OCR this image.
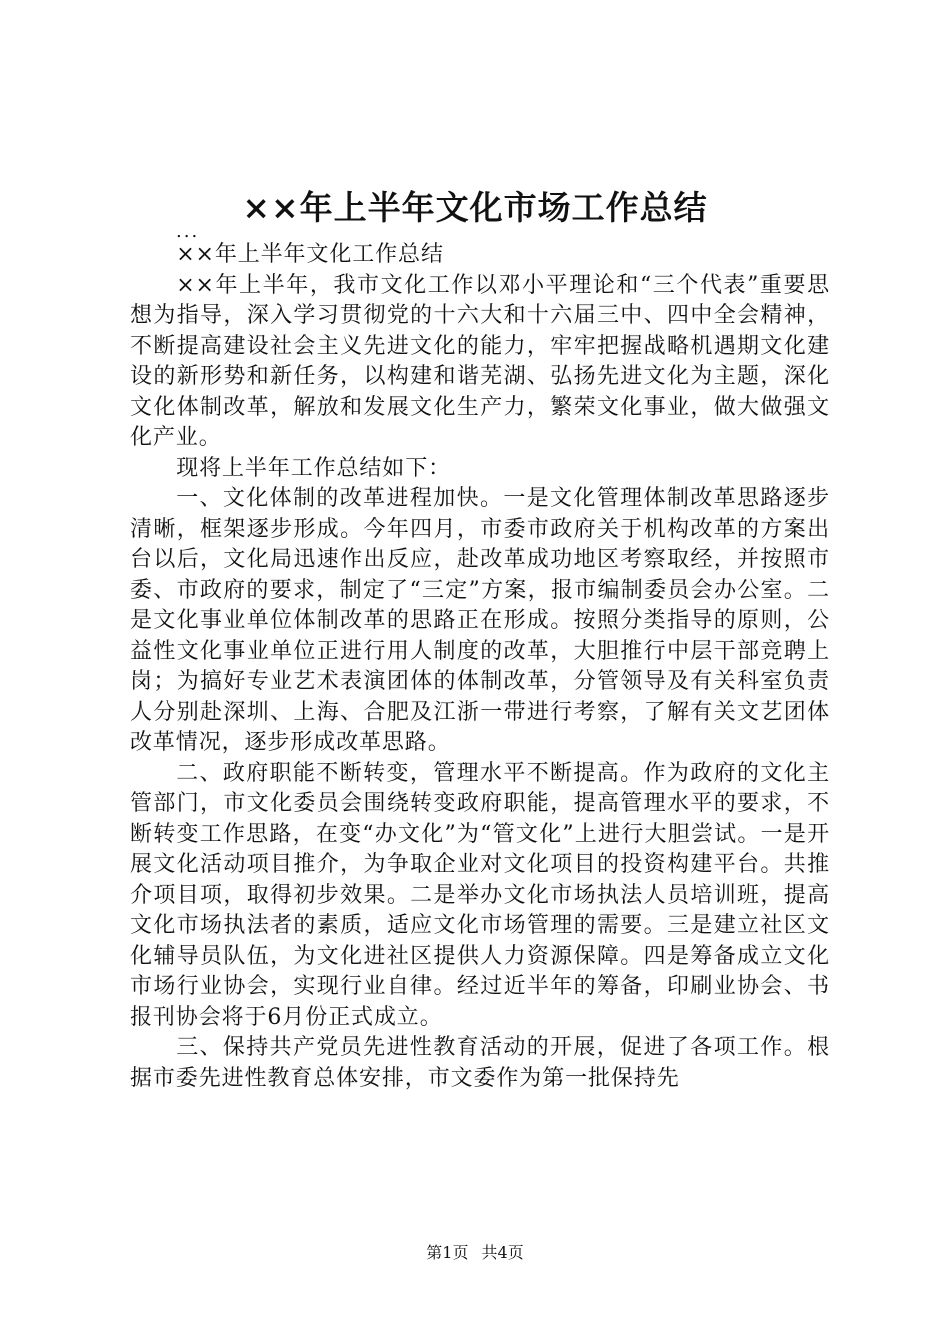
××年上半年文化市场工作总结
...

××年上半年文化工作总结

××年上半年，我市文化工作以邓小平理论和“三个代表”重要思想为指导，深入学习贯彻党的十六大和十六届三中、四中全会精神，不断提高建设社会主义先进文化的能力，牢牢把握战略机遇期文化建设的新形势和新任务，以构建和谐芜湖、弘扬先进文化为主题，深化文化体制改革，解放和发展文化生产力，繁荣文化事业，做大做强文化产业。

现将上半年工作总结如下：

一、文化体制的改革进程加快。一是文化管理体制改革思路逐步清晰，框架逐步形成。今年四月，市委市政府关于机构改革的方案出台以后，文化局迅速作出反应，赴改革成功地区考察取经，并按照市委、市政府的要求，制定了“三定”方案，报市编制委员会办公室。二是文化事业单位体制改革的思路正在形成。按照分类指导的原则，公益性文化事业单位正进行用人制度的改革，大胆推行中层干部竞聘上岗；为搞好专业艺术表演团体的体制改革，分管领导及有关科室负责人分别赴深圳、上海、合肥及江浙一带进行考察，了解有关文艺团体改革情况，逐步形成改革思路。

二、政府职能不断转变，管理水平不断提高。作为政府的文化主管部门，市文化委员会围绕转变政府职能，提高管理水平的要求，不断转变工作思路，在变“办文化”为“管文化”上进行大胆尝试。一是开展文化活动项目推介，为争取企业对文化项目的投资构建平台。共推介项目项，取得初步效果。二是举办文化市场执法人员培训班，提高文化市场执法者的素质，适应文化市场管理的需要。三是建立社区文化辅导员队伍，为文化进社区提供人力资源保障。四是筹备成立文化市场行业协会，实现行业自律。经过近半年的筹备，印刷业协会、书报刊协会将于6月份正式成立。

三、保持共产党员先进性教育活动的开展，促进了各项工作。根据市委先进性教育总体安排，市文委作为第一批保持先

第1页 共4页
